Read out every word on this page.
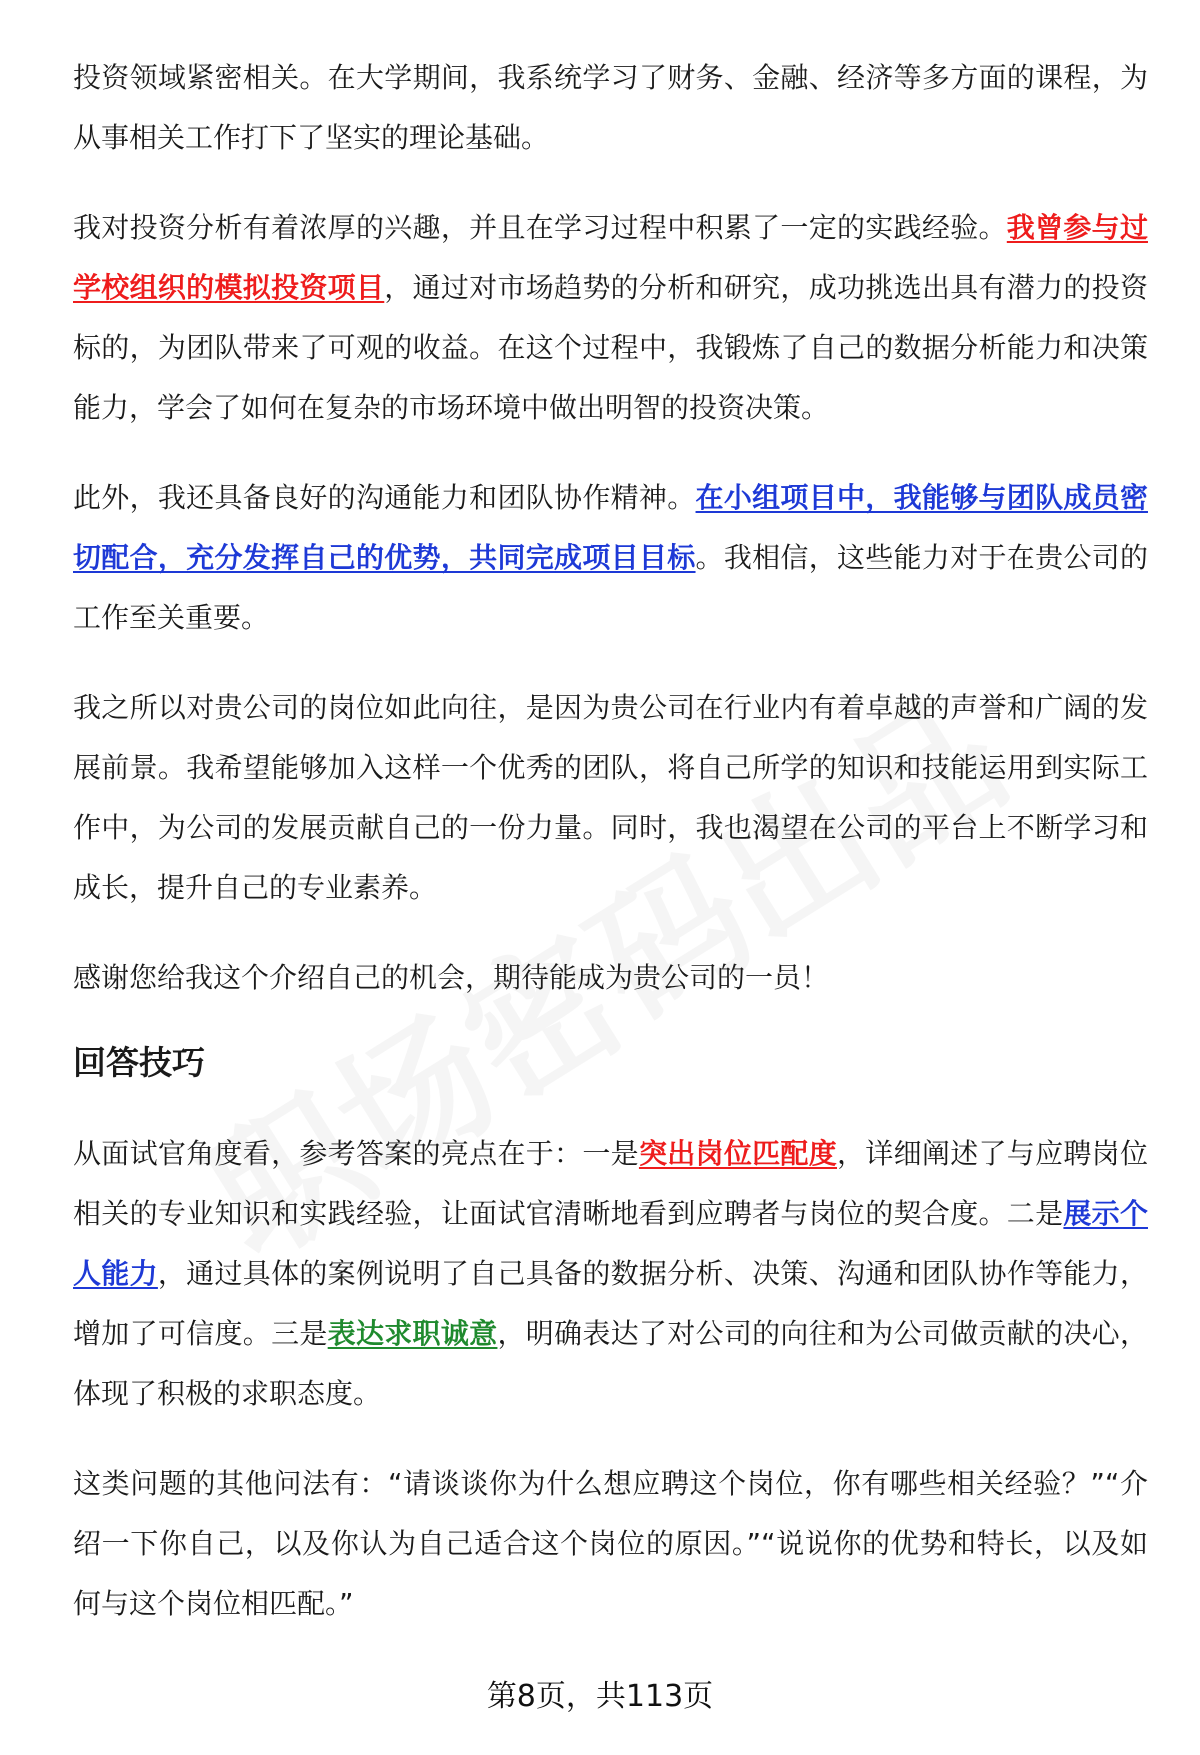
投资领域紧密相关。在大学期间，我系统学习了财务、金融、经济等多方面的课程，为从事相关工作打下了坚实的理论基础。

我对投资分析有着浓厚的兴趣，并且在学习过程中积累了一定的实践经验。我曾参与过学校组织的模拟投资项目，通过对市场趋势的分析和研究，成功挑选出具有潜力的投资标的，为团队带来了可观的收益。在这个过程中，我锻炼了自己的数据分析能力和决策能力，学会了如何在复杂的市场环境中做出明智的投资决策。

此外，我还具备良好的沟通能力和团队协作精神。在小组项目中，我能够与团队成员密切配合，充分发挥自己的优势，共同完成项目目标。我相信，这些能力对于在贵公司的工作至关重要。

我之所以对贵公司的岗位如此向往，是因为贵公司在行业内有着卓越的声誉和广阔的发展前景。我希望能够加入这样一个优秀的团队，将自己所学的知识和技能运用到实际工作中，为公司的发展贡献自己的一份力量。同时，我也渴望在公司的平台上不断学习和成长，提升自己的专业素养。

感谢您给我这个介绍自己的机会，期待能成为贵公司的一员！

回答技巧

从面试官角度看，参考答案的亮点在于：一是突出岗位匹配度，详细阐述了与应聘岗位相关的专业知识和实践经验，让面试官清晰地看到应聘者与岗位的契合度。二是展示个人能力，通过具体的案例说明了自己具备的数据分析、决策、沟通和团队协作等能力，增加了可信度。三是表达求职诚意，明确表达了对公司的向往和为公司做贡献的决心，体现了积极的求职态度。

这类问题的其他问法有：“请谈谈你为什么想应聘这个岗位，你有哪些相关经验？”“介绍一下你自己，以及你认为自己适合这个岗位的原因。”“说说你的优势和特长，以及如何与这个岗位相匹配。”

第8页，共113页
